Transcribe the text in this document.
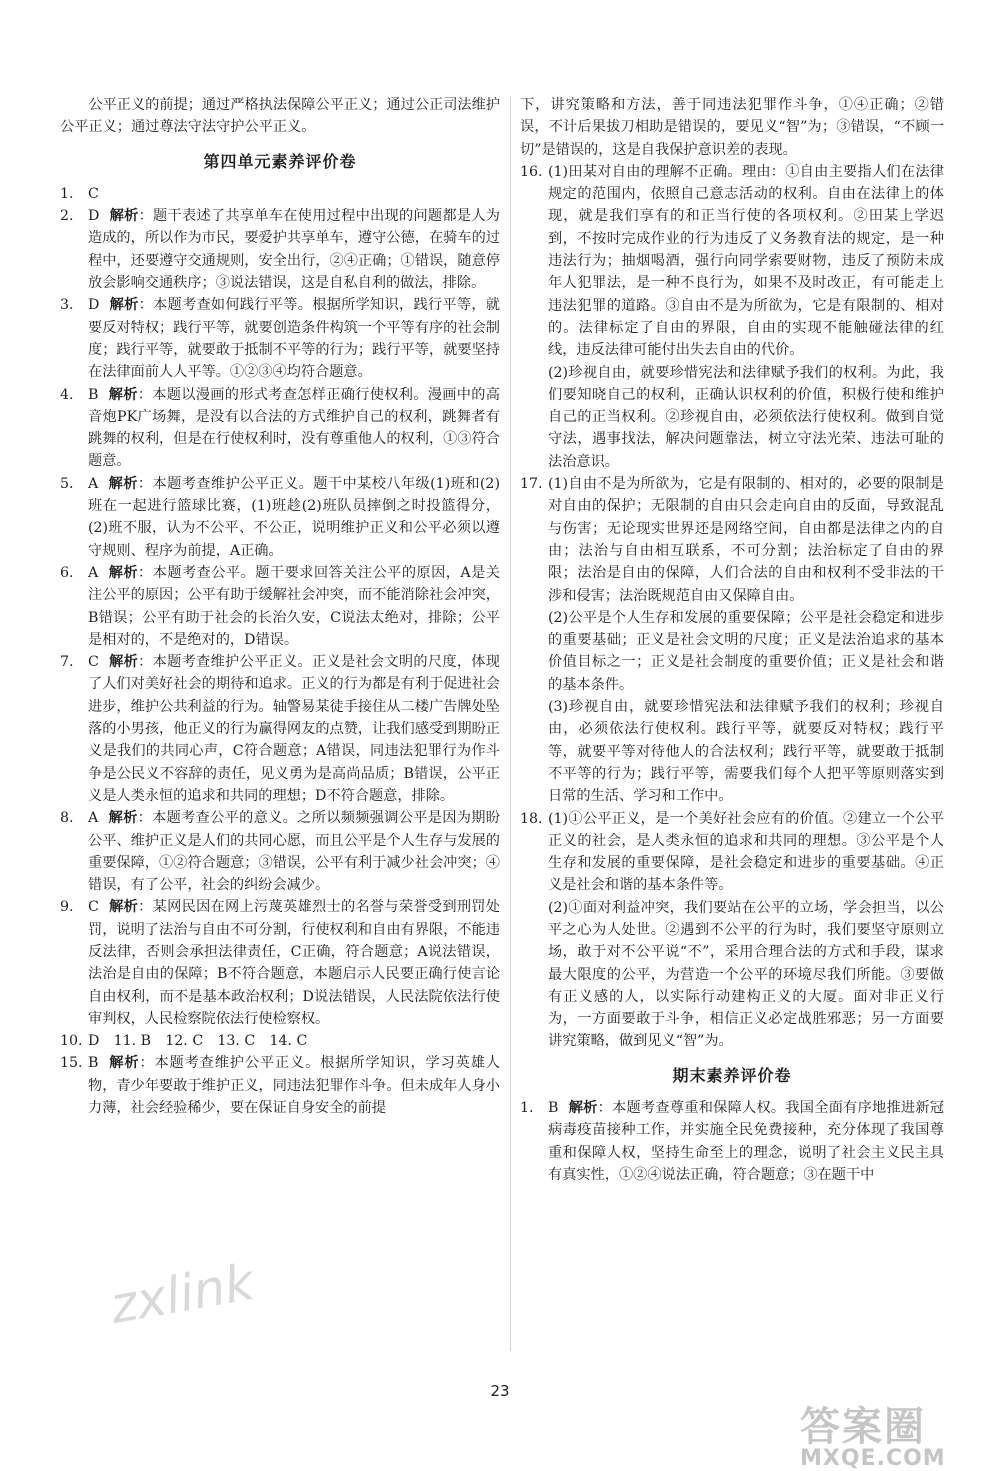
公平正义的前提；通过严格执法保障公平正义；通过公正司法维护公平正义；通过尊法守法守护公平正义。

第四单元素养评价卷
1.	C
2.	D 解析：题干表述了共享单车在使用过程中出现的问题都是人为造成的，所以作为市民，要爱护共享单车，遵守公德，在骑车的过程中，还要遵守交通规则，安全出行，②④正确；①错误，随意停放会影响交通秩序；③说法错误，这是自私自利的做法，排除。
3.	D 解析：本题考查如何践行平等。根据所学知识，践行平等，就要反对特权；践行平等，就要创造条件构筑一个平等有序的社会制度；践行平等，就要敢于抵制不平等的行为；践行平等，就要坚持在法律面前人人平等。①②③④均符合题意。
4.	B 解析：本题以漫画的形式考查怎样正确行使权利。漫画中的高音炮PK广场舞，是没有以合法的方式维护自己的权利，跳舞者有跳舞的权利，但是在行使权利时，没有尊重他人的权利，①③符合题意。
5.	A 解析：本题考查维护公平正义。题干中某校八年级(1)班和(2)班在一起进行篮球比赛，(1)班趁(2)班队员摔倒之时投篮得分，(2)班不服，认为不公平、不公正，说明维护正义和公平必须以遵守规则、程序为前提，A正确。
6.	A 解析：本题考查公平。题干要求回答关注公平的原因，A是关注公平的原因；公平有助于缓解社会冲突，而不能消除社会冲突，B错误；公平有助于社会的长治久安，C说法太绝对，排除；公平是相对的，不是绝对的，D错误。
7.	C 解析：本题考查维护公平正义。正义是社会文明的尺度，体现了人们对美好社会的期待和追求。正义的行为都是有利于促进社会进步，维护公共利益的行为。轴警易某徒手接住从二楼广告牌处坠落的小男孩，他正义的行为赢得网友的点赞，让我们感受到期盼正义是我们的共同心声，C符合题意；A错误，同违法犯罪行为作斗争是公民义不容辞的责任，见义勇为是高尚品质；B错误，公平正义是人类永恒的追求和共同的理想；D不符合题意，排除。
8.	A 解析：本题考查公平的意义。之所以频频强调公平是因为期盼公平、维护正义是人们的共同心愿，而且公平是个人生存与发展的重要保障，①②符合题意；③错误，公平有利于减少社会冲突；④错误，有了公平，社会的纠纷会减少。
9.	C 解析：某网民因在网上污蔑英雄烈士的名誉与荣誉受到刑罚处罚，说明了法治与自由不可分割，行使权利和自由有界限，不能违反法律，否则会承担法律责任，C正确，符合题意；A说法错误，法治是自由的保障；B不符合题意，本题启示人民要正确行使言论自由权利，而不是基本政治权利；D说法错误，人民法院依法行使审判权，人民检察院依法行使检察权。
10. D　11. B　12. C　13. C　14. C
15. B 解析：本题考查维护公平正义。根据所学知识，学习英雄人物，青少年要敢于维护正义，同违法犯罪作斗争。但未成年人身小力薄，社会经验稀少，要在保证自身安全的前提

下，讲究策略和方法，善于同违法犯罪作斗争，①④正确；②错误，不计后果拔刀相助是错误的，要见义“智”为；③错误，“不顾一切”是错误的，这是自我保护意识差的表现。

16. (1)田某对自由的理解不正确。理由：①自由主要指人们在法律规定的范围内，依照自己意志活动的权利。自由在法律上的体现，就是我们享有的和正当行使的各项权利。②田某上学迟到，不按时完成作业的行为违反了义务教育法的规定，是一种违法行为；抽烟喝酒，强行向同学索要财物，违反了预防未成年人犯罪法，是一种不良行为，如果不及时改正，有可能走上违法犯罪的道路。③自由不是为所欲为，它是有限制的、相对的。法律标定了自由的界限，自由的实现不能触碰法律的红线，违反法律可能付出失去自由的代价。

(2)珍视自由，就要珍惜宪法和法律赋予我们的权利。为此，我们要知晓自己的权利，正确认识权利的价值，积极行使和维护自己的正当权利。②珍视自由，必须依法行使权利。做到自觉守法，遇事找法，解决问题靠法，树立守法光荣、违法可耻的法治意识。

17. (1)自由不是为所欲为，它是有限制的、相对的，必要的限制是对自由的保护；无限制的自由只会走向自由的反面，导致混乱与伤害；无论现实世界还是网络空间，自由都是法律之内的自由；法治与自由相互联系，不可分割；法治标定了自由的界限；法治是自由的保障，人们合法的自由和权利不受非法的干涉和侵害；法治既规范自由又保障自由。

(2)公平是个人生存和发展的重要保障；公平是社会稳定和进步的重要基础；正义是社会文明的尺度；正义是法治追求的基本价值目标之一；正义是社会制度的重要价值；正义是社会和谐的基本条件。

(3)珍视自由，就要珍惜宪法和法律赋予我们的权利；珍视自由，必须依法行使权利。践行平等，就要反对特权；践行平等，就要平等对待他人的合法权利；践行平等，就要敢于抵制不平等的行为；践行平等，需要我们每个人把平等原则落实到日常的生活、学习和工作中。

18. (1)①公平正义，是一个美好社会应有的价值。②建立一个公平正义的社会，是人类永恒的追求和共同的理想。③公平是个人生存和发展的重要保障，是社会稳定和进步的重要基础。④正义是社会和谐的基本条件等。

(2)①面对利益冲突，我们要站在公平的立场，学会担当，以公平之心为人处世。②遇到不公平的行为时，我们要坚守原则立场，敢于对不公平说“不”，采用合理合法的方式和手段，谋求最大限度的公平，为营造一个公平的环境尽我们所能。③要做有正义感的人，以实际行动建构正义的大厦。面对非正义行为，一方面要敢于斗争，相信正义必定战胜邪恶；另一方面要讲究策略，做到见义“智”为。

期末素养评价卷
1.	B 解析：本题考查尊重和保障人权。我国全面有序地推进新冠病毒疫苗接种工作，并实施全民免费接种，充分体现了我国尊重和保障人权，坚持生命至上的理念，说明了社会主义民主具有真实性，①②④说法正确，符合题意；③在题干中
23
zxlink
答案圈
MXQE.COM
